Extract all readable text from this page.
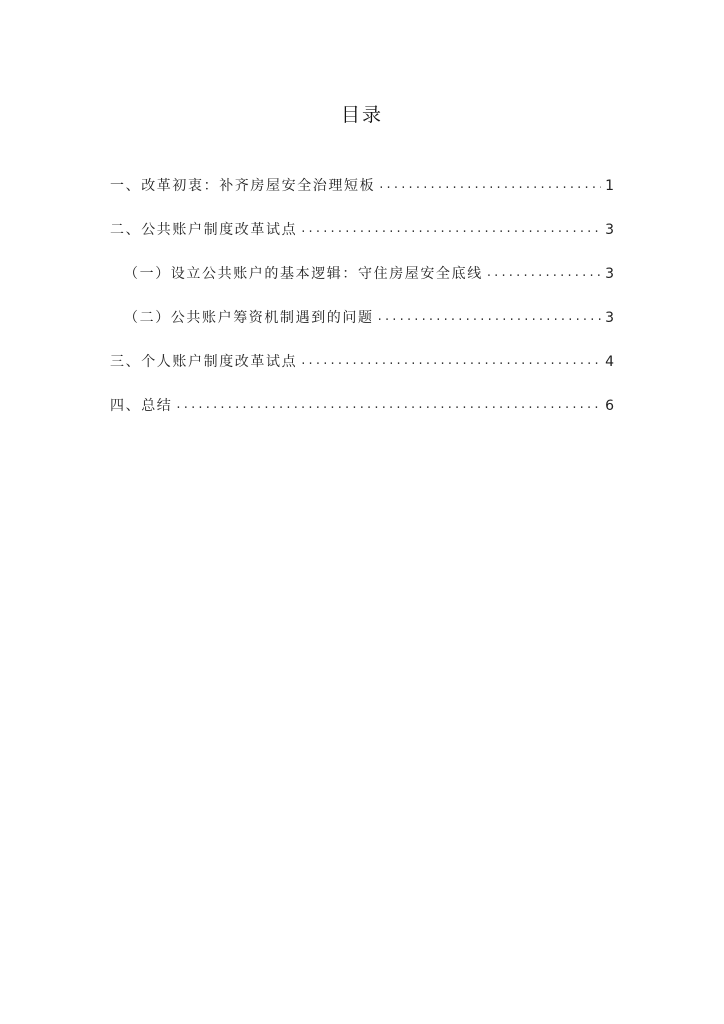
目录
一、改革初衷：补齐房屋安全治理短板 .....	1
二、公共账户制度改革试点 .....	3
（一）设立公共账户的基本逻辑：守住房屋安全底线 .....	3
（二）公共账户筹资机制遇到的问题 .....	3
三、个人账户制度改革试点 .....	4
四、总结 .....	6
